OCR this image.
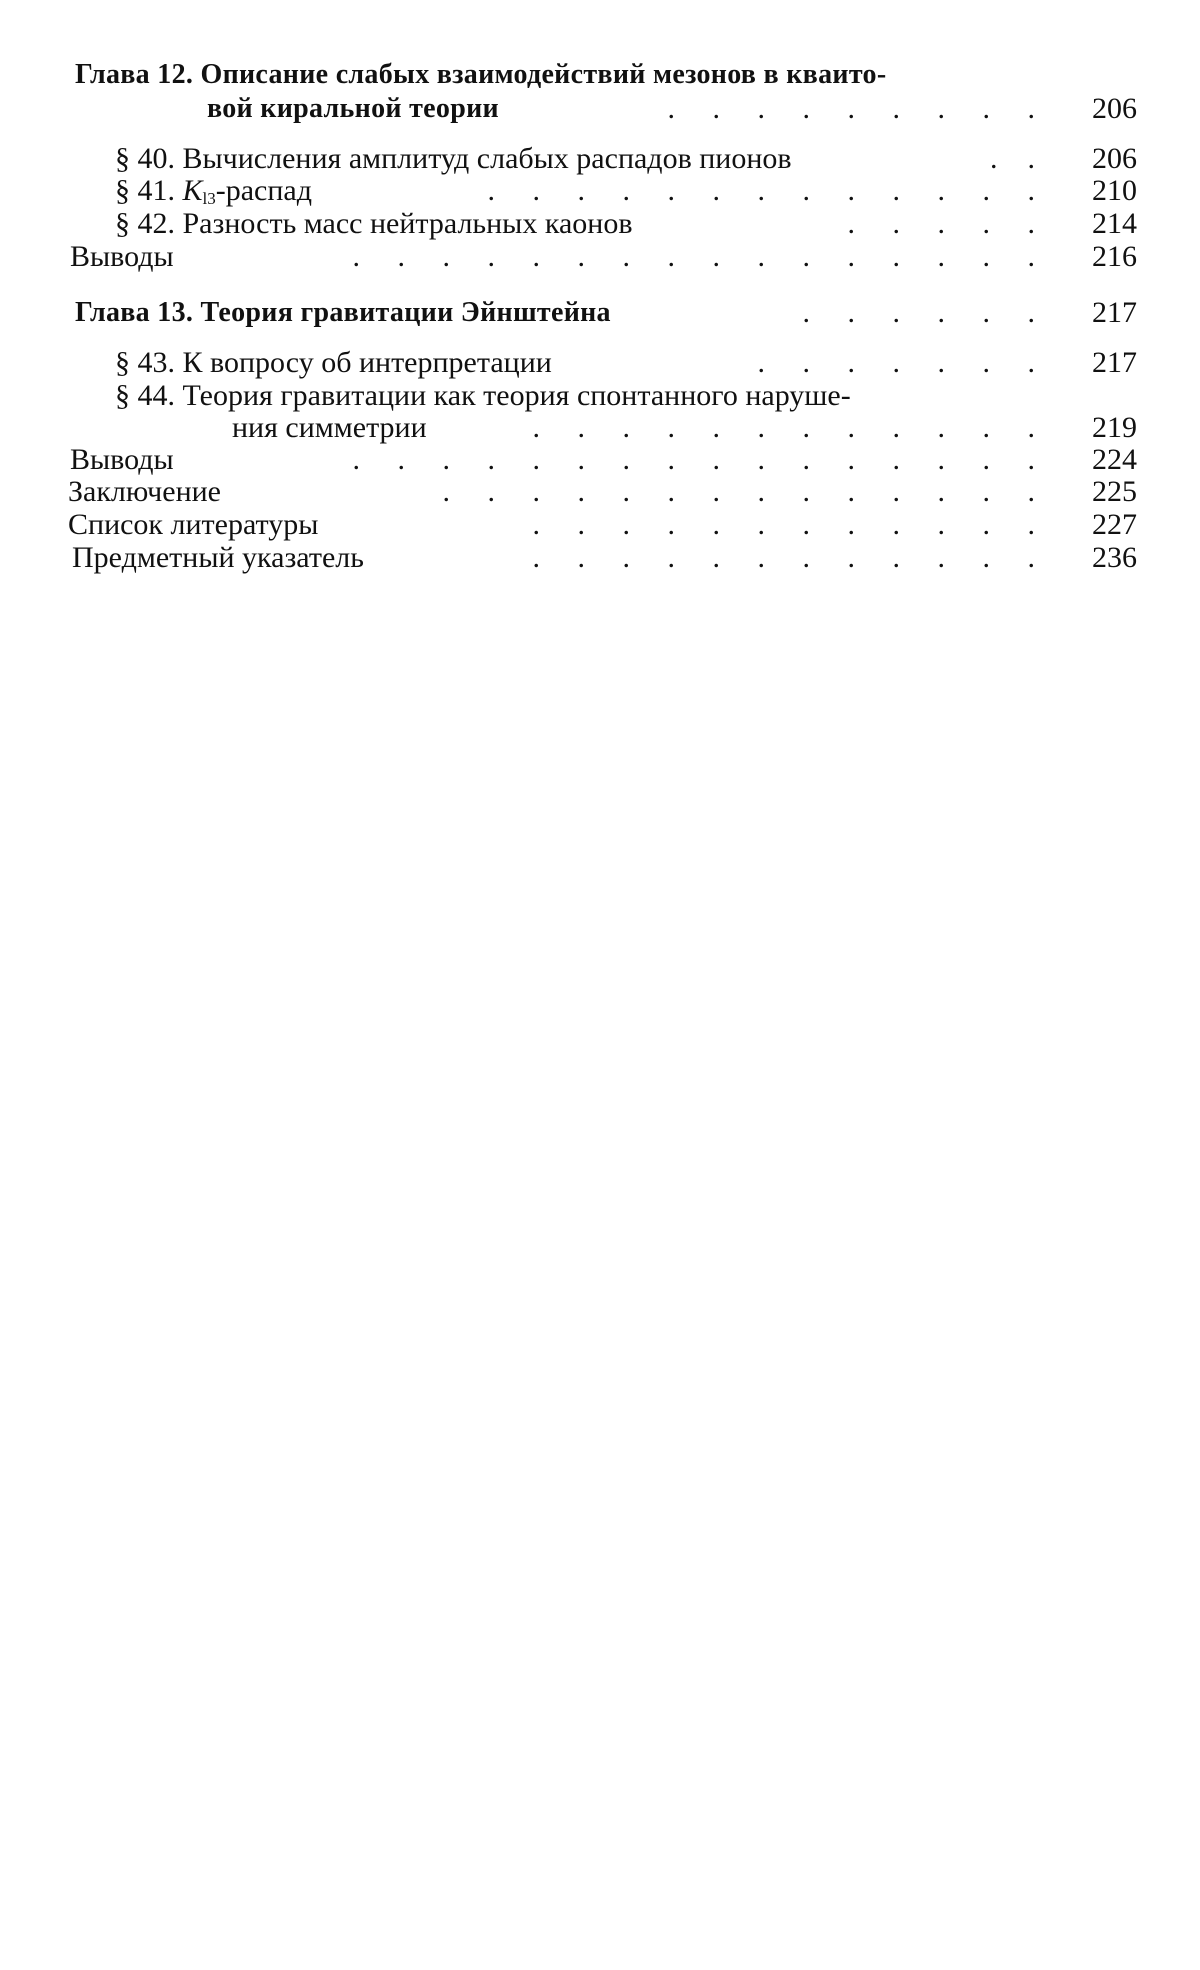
Глава 12. Описание слабых взаимодействий мезонов в кваито-
вой киральной теории	.     .     .     .     .     .     .     .     . 206
§ 40. Вычисления амплитуд слабых распадов пионов	.    . 206
§ 41. $K_{l3}$-распад	.     .     .     .     .     .     .     .     .     .     .     .     . 210
§ 42. Разность масс нейтральных каонов	.     .     .     .     . 214
Выводы	.     .     .     .     .     .     .     .     .     .     .     .     .     .     .     . 216
Глава 13. Теория гравитации Эйнштейна	.     .     .     .     .     . 217
§ 43. К вопросу об интерпретации	.     .     .     .     .     .     . 217
§ 44. Теория гравитации как теория спонтанного наруше-
ния симметрии	.     .     .     .     .     .     .     .     .     .     .     . 219
Выводы	.     .     .     .     .     .     .     .     .     .     .     .     .     .     .     . 224
Заключение	.     .     .     .     .     .     .     .     .     .     .     .     .     . 225
Список литературы	.     .     .     .     .     .     .     .     .     .     .     . 227
Предметный указатель	.     .     .     .     .     .     .     .     .     .     .     . 236
